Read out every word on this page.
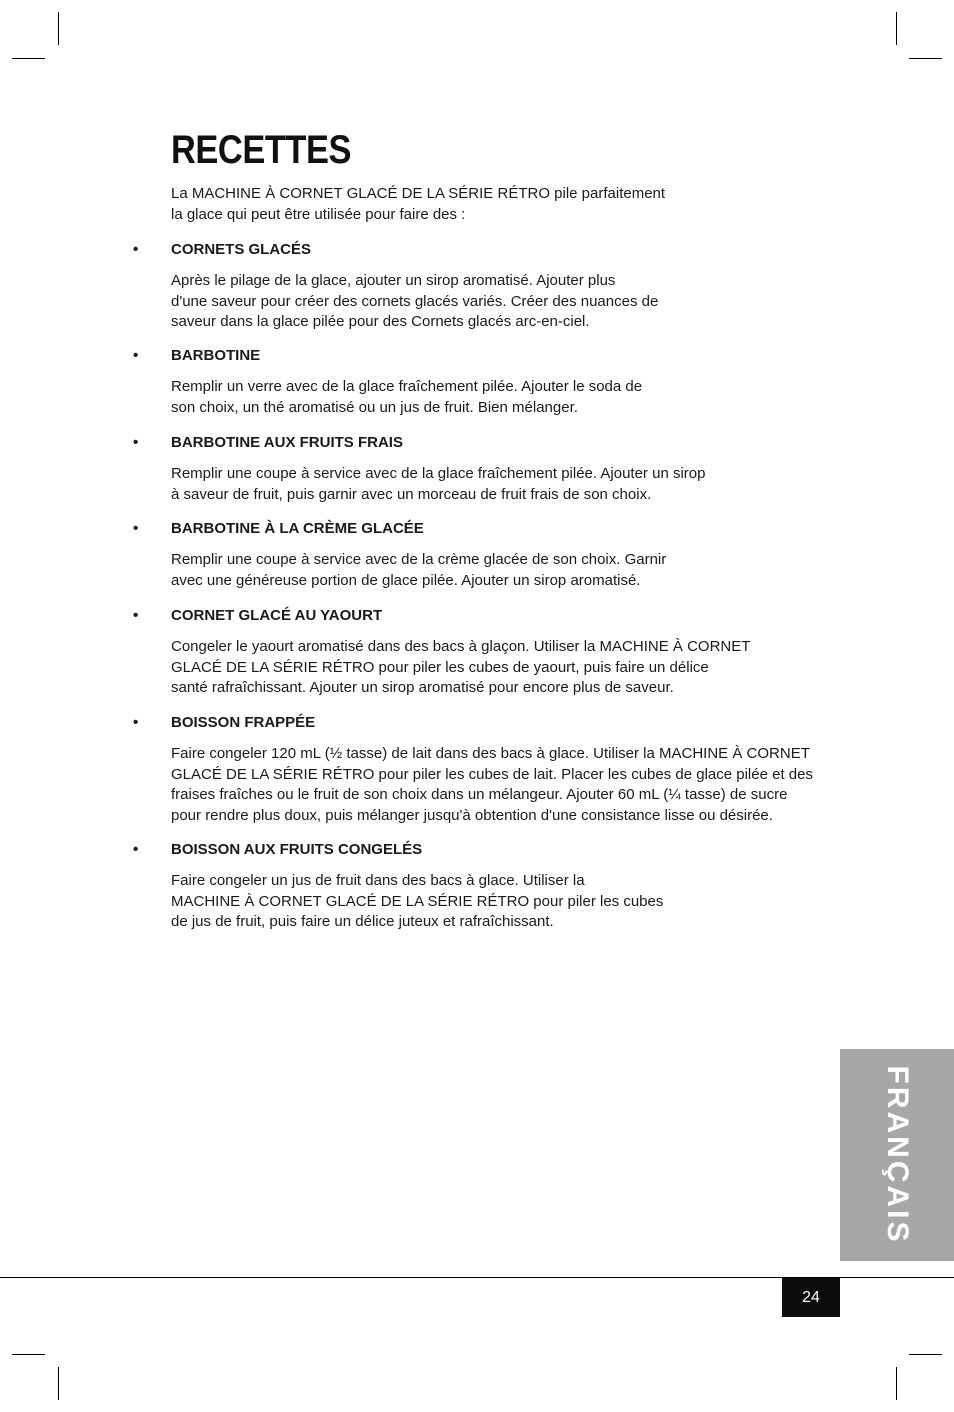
RECETTES

La MACHINE À CORNET GLACÉ DE LA SÉRIE RÉTRO pile parfaitement
la glace qui peut être utilisée pour faire des :

• CORNETS GLACÉS
Après le pilage de la glace, ajouter un sirop aromatisé. Ajouter plus
d'une saveur pour créer des cornets glacés variés. Créer des nuances de
saveur dans la glace pilée pour des Cornets glacés arc-en-ciel.
• BARBOTINE
Remplir un verre avec de la glace fraîchement pilée. Ajouter le soda de
son choix, un thé aromatisé ou un jus de fruit. Bien mélanger.
• BARBOTINE AUX FRUITS FRAIS
Remplir une coupe à service avec de la glace fraîchement pilée. Ajouter un sirop
à saveur de fruit, puis garnir avec un morceau de fruit frais de son choix.
• BARBOTINE À LA CRÈME GLACÉE
Remplir une coupe à service avec de la crème glacée de son choix. Garnir
avec une généreuse portion de glace pilée. Ajouter un sirop aromatisé.
• CORNET GLACÉ AU YAOURT
Congeler le yaourt aromatisé dans des bacs à glaçon. Utiliser la MACHINE À CORNET
GLACÉ DE LA SÉRIE RÉTRO pour piler les cubes de yaourt, puis faire un délice
santé rafraîchissant. Ajouter un sirop aromatisé pour encore plus de saveur.
• BOISSON FRAPPÉE
Faire congeler 120 mL (½ tasse) de lait dans des bacs à glace. Utiliser la MACHINE À CORNET
GLACÉ DE LA SÉRIE RÉTRO pour piler les cubes de lait. Placer les cubes de glace pilée et des
fraises fraîches ou le fruit de son choix dans un mélangeur. Ajouter 60 mL (¼ tasse) de sucre
pour rendre plus doux, puis mélanger jusqu'à obtention d'une consistance lisse ou désirée.
• BOISSON AUX FRUITS CONGELÉS
Faire congeler un jus de fruit dans des bacs à glace. Utiliser la
MACHINE À CORNET GLACÉ DE LA SÉRIE RÉTRO pour piler les cubes
de jus de fruit, puis faire un délice juteux et rafraîchissant.
FRANÇAIS
24
